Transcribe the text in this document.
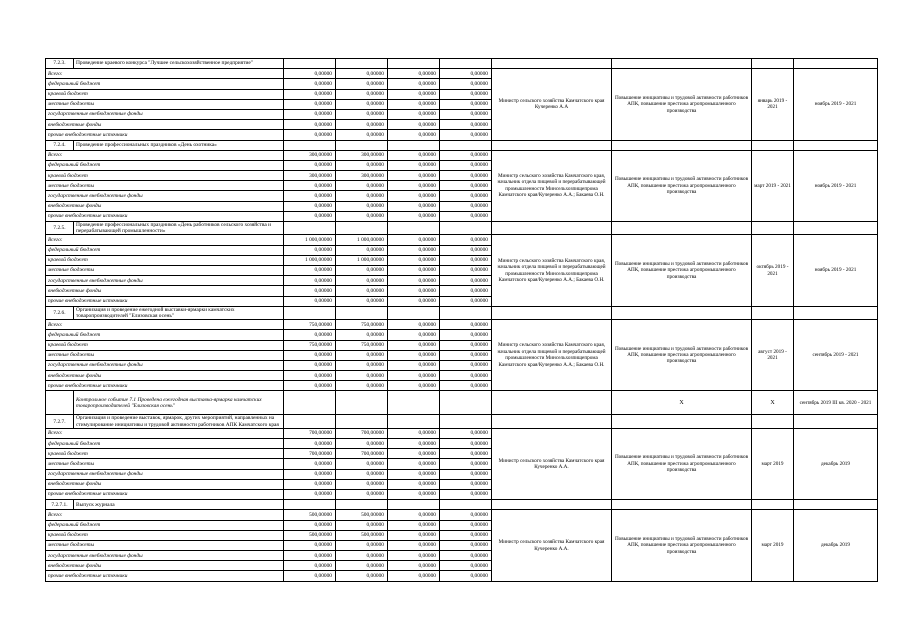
7.2.3.	Проведение краевого конкурса "Лучшее сельскохозяйственное предприятие"								
Всего:		0,00000	0,00000	0,00000	0,00000	Министр сельского хозяйства Камчатского края Кучеренко А.А	Повышение инициативы и трудовой активности работников АПК, повышение престижа агропромышленного производства	январь 2019 - 2021	ноябрь 2019 - 2021
федеральный бюджет		0,00000	0,00000	0,00000	0,00000				
краевой бюджет		0,00000	0,00000	0,00000	0,00000				
местные бюджеты		0,00000	0,00000	0,00000	0,00000				
государственные внебюджетные фонды		0,00000	0,00000	0,00000	0,00000				
внебюджетные фонды		0,00000	0,00000	0,00000	0,00000				
прочие внебюджетные источники		0,00000	0,00000	0,00000	0,00000				
7.2.4.	Проведение профессиональных праздников «День охотника»								
Всего:		300,00000	300,00000	0,00000	0,00000	Министр сельского хозяйства Камчатского края, начальник отдела пищевой и перерабатывающей промышленности Минсельхозпищепрома Камчатского края/Кучеренко А.А.; Бакаева О.Н.	Повышение инициативы и трудовой активности работников АПК, повышение престижа агропромышленного производства	март 2019 - 2021	ноябрь 2019 - 2021
федеральный бюджет		0,00000	0,00000	0,00000	0,00000				
краевой бюджет		300,00000	300,00000	0,00000	0,00000				
местные бюджеты		0,00000	0,00000	0,00000	0,00000				
государственные внебюджетные фонды		0,00000	0,00000	0,00000	0,00000				
внебюджетные фонды		0,00000	0,00000	0,00000	0,00000				
прочие внебюджетные источники		0,00000	0,00000	0,00000	0,00000				
7.2.5.	Проведение профессиональных праздников «День работников сельского хозяйства и перерабатывающей промышленности»								
Всего:		1 000,00000	1 000,00000	0,00000	0,00000	Министр сельского хозяйства Камчатского края, начальник отдела пищевой и перерабатывающей промышленности Минсельхозпищепрома Камчатского края/Кучеренко А.А.; Бакаева О.Н.	Повышение инициативы и трудовой активности работников АПК, повышение престижа агропромышленного производства	октябрь 2019 - 2021	ноябрь 2019 - 2021
федеральный бюджет		0,00000	0,00000	0,00000	0,00000				
краевой бюджет		1 000,00000	1 000,00000	0,00000	0,00000				
местные бюджеты		0,00000	0,00000	0,00000	0,00000				
государственные внебюджетные фонды		0,00000	0,00000	0,00000	0,00000				
внебюджетные фонды		0,00000	0,00000	0,00000	0,00000				
прочие внебюджетные источники		0,00000	0,00000	0,00000	0,00000				
7.2.6.	Организация и проведение ежегодной выставки-ярмарки камчатских товаропроизводителей "Елизовская осень"								
Всего:		750,00000	750,00000	0,00000	0,00000	Министр сельского хозяйства Камчатского края, начальник отдела пищевой и перерабатывающей промышленности Минсельхозпищепрома Камчатского края/Кучеренко А.А.; Бакаева О.Н.	Повышение инициативы и трудовой активности работников АПК, повышение престижа агропромышленного производства	август 2019 - 2021	сентябрь 2019 - 2021
федеральный бюджет		0,00000	0,00000	0,00000	0,00000				
краевой бюджет		750,00000	750,00000	0,00000	0,00000				
местные бюджеты		0,00000	0,00000	0,00000	0,00000				
государственные внебюджетные фонды		0,00000	0,00000	0,00000	0,00000				
внебюджетные фонды		0,00000	0,00000	0,00000	0,00000				
прочие внебюджетные источники		0,00000	0,00000	0,00000	0,00000				
	Контрольное событие 7.1 Проведена ежегодная выставка-ярмарка камчатских товаропроизводителей "Елизовская осень"						X	X	сентябрь 2019 III кв. 2020 - 2021
7.2.7.	Организация и проведение выставок, ярмарок, других мероприятий, направленных на стимулирование инициативы и трудовой активности работников АПК Камчатского края								
Всего:		700,00000	700,00000	0,00000	0,00000	Министр сельского хозяйства Камчатского края Кучеренко А.А.	Повышение инициативы и трудовой активности работников АПК, повышение престижа агропромышленного производства	март 2019	декабрь 2019
федеральный бюджет		0,00000	0,00000	0,00000	0,00000				
краевой бюджет		700,00000	700,00000	0,00000	0,00000				
местные бюджеты		0,00000	0,00000	0,00000	0,00000				
государственные внебюджетные фонды		0,00000	0,00000	0,00000	0,00000				
внебюджетные фонды		0,00000	0,00000	0,00000	0,00000				
прочие внебюджетные источники		0,00000	0,00000	0,00000	0,00000				
7.2.7.1.	Выпуск журнала								
Всего:		500,00000	500,00000	0,00000	0,00000	Министр сельского хозяйства Камчатского края Кучеренко А.А.	Повышение инициативы и трудовой активности работников АПК, повышение престижа агропромышленного производства	март 2019	декабрь 2019
федеральный бюджет		0,00000	0,00000	0,00000	0,00000				
краевой бюджет		500,00000	500,00000	0,00000	0,00000				
местные бюджеты		0,00000	0,00000	0,00000	0,00000				
государственные внебюджетные фонды		0,00000	0,00000	0,00000	0,00000				
внебюджетные фонды		0,00000	0,00000	0,00000	0,00000				
прочие внебюджетные источники		0,00000	0,00000	0,00000	0,00000				
